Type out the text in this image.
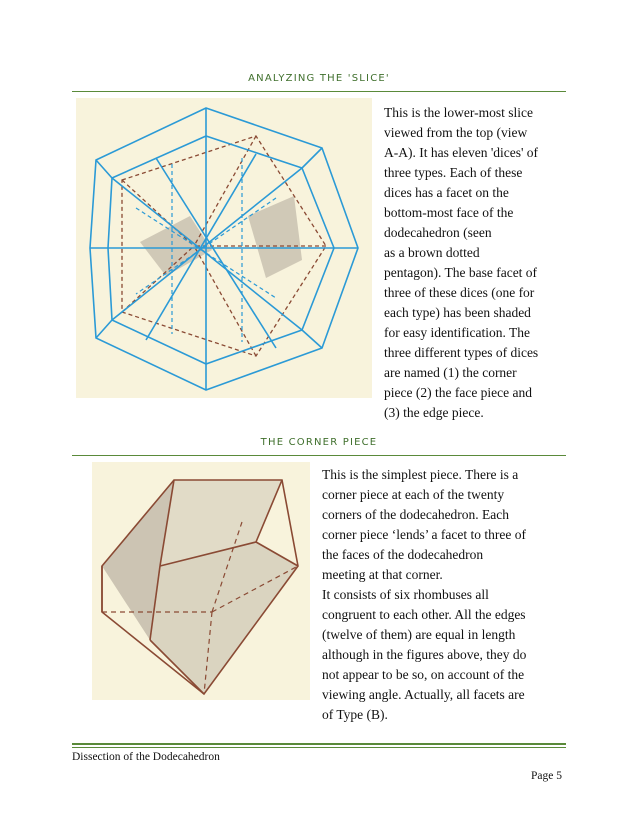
ANALYZING THE 'SLICE'
This is the lower-most slice
viewed from the top (view
A-A). It has eleven 'dices' of
three types. Each of these
dices has a facet on the
bottom-most face of the
dodecahedron (seen
as a brown dotted
pentagon). The base facet of
three of these dices (one for
each type) has been shaded
for easy identification. The
three different types of dices
are named (1) the corner
piece (2) the face piece and
(3) the edge piece.
THE CORNER PIECE
This is the simplest piece. There is a
corner piece at each of the twenty
corners of the dodecahedron. Each
corner piece ‘lends’ a facet to three of
the faces of the dodecahedron
meeting at that corner.
It consists of six rhombuses all
congruent to each other. All the edges
(twelve of them) are equal in length
although in the figures above, they do
not appear to be so, on account of the
viewing angle. Actually, all facets are
of Type (B).
Dissection of the Dodecahedron
Page 5
